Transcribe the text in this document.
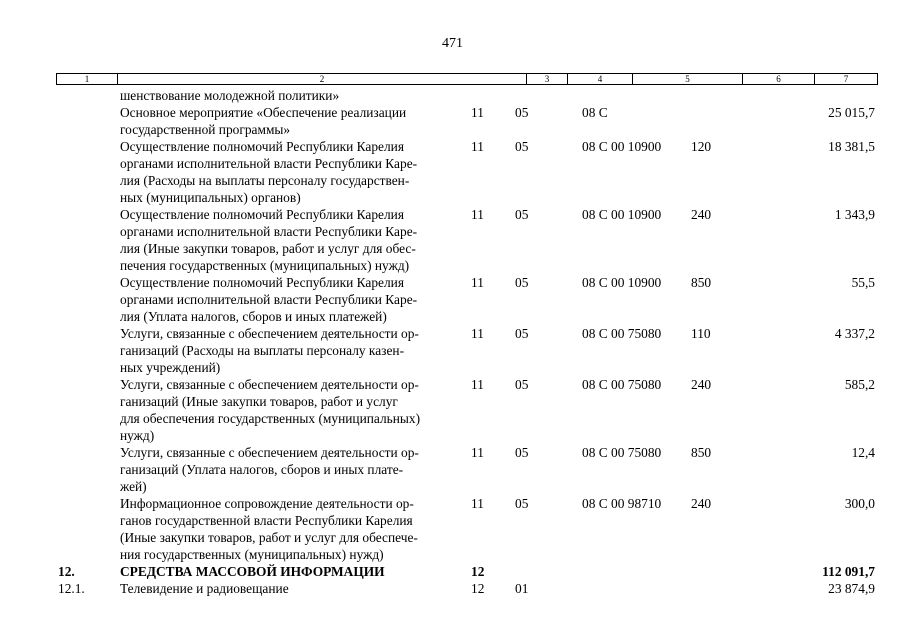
471
1	2	3	4	5	6	7
шенствование молодежной политики»
Основное мероприятие «Обеспечение реализации
государственной программы»
11 05	08 С	25 015,7
Осуществление полномочий Республики Карелия
органами исполнительной власти Республики Каре-
лия (Расходы на выплаты персоналу государствен-
ных (муниципальных) органов)
11 05	08 С 00 10900 120	18 381,5
Осуществление полномочий Республики Карелия
органами исполнительной власти Республики Каре-
лия (Иные закупки товаров, работ и услуг для обес-
печения государственных (муниципальных) нужд)
11 05	08 С 00 10900 240	1 343,9
Осуществление полномочий Республики Карелия
органами исполнительной власти Республики Каре-
лия (Уплата налогов, сборов и иных платежей)
11 05	08 С 00 10900 850	55,5
Услуги, связанные с обеспечением деятельности ор-
ганизаций (Расходы на выплаты персоналу казен-
ных учреждений)
11 05	08 С 00 75080 110	4 337,2
Услуги, связанные с обеспечением деятельности ор-
ганизаций (Иные закупки товаров, работ и услуг
для обеспечения государственных (муниципальных)
нужд)
11 05	08 С 00 75080 240	585,2
Услуги, связанные с обеспечением деятельности ор-
ганизаций (Уплата налогов, сборов и иных плате-
жей)
11 05	08 С 00 75080 850	12,4
Информационное сопровождение деятельности ор-
ганов государственной власти Республики Карелия
(Иные закупки товаров, работ и услуг для обеспече-
ния государственных (муниципальных) нужд)
11 05	08 С 00 98710 240	300,0
12.	СРЕДСТВА МАССОВОЙ ИНФОРМАЦИИ	12	112 091,7
12.1.	Телевидение и радиовещание	12 01	23 874,9
